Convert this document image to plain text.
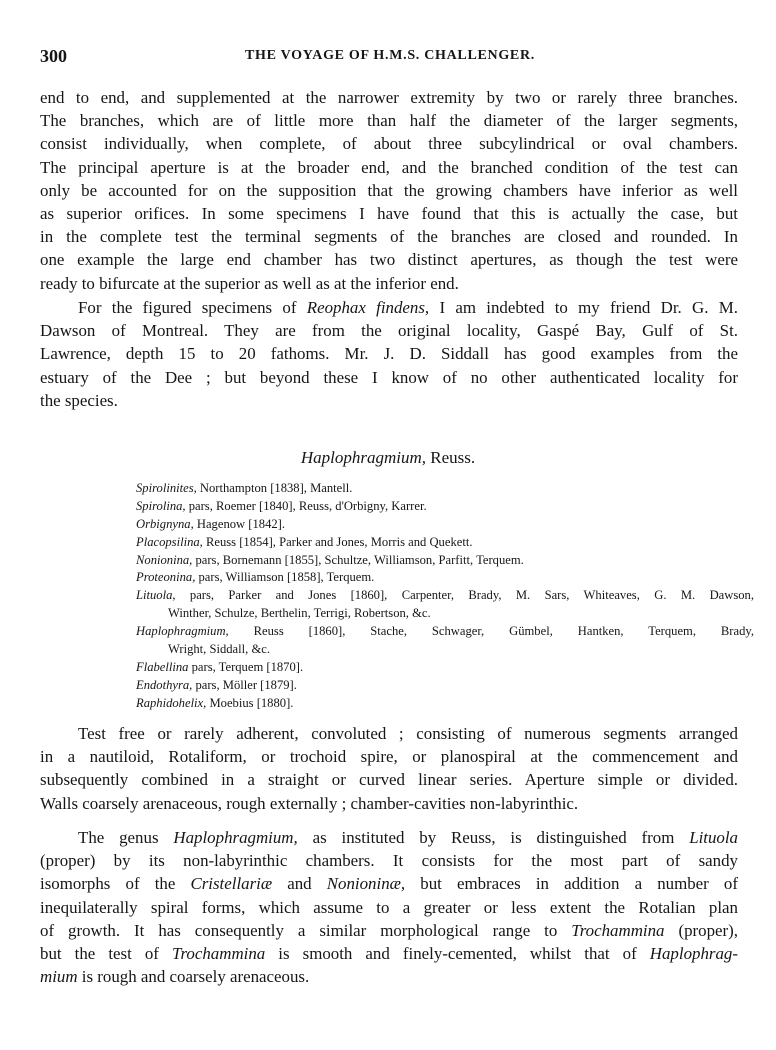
300	THE VOYAGE OF H.M.S. CHALLENGER.
end to end, and supplemented at the narrower extremity by two or rarely three branches.
The branches, which are of little more than half the diameter of the larger segments,
consist individually, when complete, of about three subcylindrical or oval chambers.
The principal aperture is at the broader end, and the branched condition of the test can
only be accounted for on the supposition that the growing chambers have inferior as well
as superior orifices. In some specimens I have found that this is actually the case, but
in the complete test the terminal segments of the branches are closed and rounded. In
one example the large end chamber has two distinct apertures, as though the test were
ready to bifurcate at the superior as well as at the inferior end.
For the figured specimens of Reophax findens, I am indebted to my friend Dr. G. M.
Dawson of Montreal. They are from the original locality, Gaspé Bay, Gulf of St.
Lawrence, depth 15 to 20 fathoms. Mr. J. D. Siddall has good examples from the
estuary of the Dee ; but beyond these I know of no other authenticated locality for
the species.
Haplophragmium, Reuss.
Spirolinites, Northampton [1838], Mantell.
Spirolina, pars, Roemer [1840], Reuss, d'Orbigny, Karrer.
Orbignyna, Hagenow [1842].
Placopsilina, Reuss [1854], Parker and Jones, Morris and Quekett.
Nonionina, pars, Bornemann [1855], Schultze, Williamson, Parfitt, Terquem.
Proteonina, pars, Williamson [1858], Terquem.
Lituola, pars, Parker and Jones [1860], Carpenter, Brady, M. Sars, Whiteaves, G. M. Dawson,
Winther, Schulze, Berthelin, Terrigi, Robertson, &c.
Haplophragmium, Reuss [1860], Stache, Schwager, Gümbel, Hantken, Terquem, Brady,
Wright, Siddall, &c.
Flabellina pars, Terquem [1870].
Endothyra, pars, Möller [1879].
Raphidohelix, Moebius [1880].
Test free or rarely adherent, convoluted ; consisting of numerous segments arranged
in a nautiloid, Rotaliform, or trochoid spire, or planospiral at the commencement and
subsequently combined in a straight or curved linear series. Aperture simple or divided.
Walls coarsely arenaceous, rough externally ; chamber-cavities non-labyrinthic.
The genus Haplophragmium, as instituted by Reuss, is distinguished from Lituola
(proper) by its non-labyrinthic chambers. It consists for the most part of sandy
isomorphs of the Cristellariæ and Nonioninæ, but embraces in addition a number of
inequilaterally spiral forms, which assume to a greater or less extent the Rotalian plan
of growth. It has consequently a similar morphological range to Trochammina (proper),
but the test of Trochammina is smooth and finely-cemented, whilst that of Haplophrag-
mium is rough and coarsely arenaceous.
